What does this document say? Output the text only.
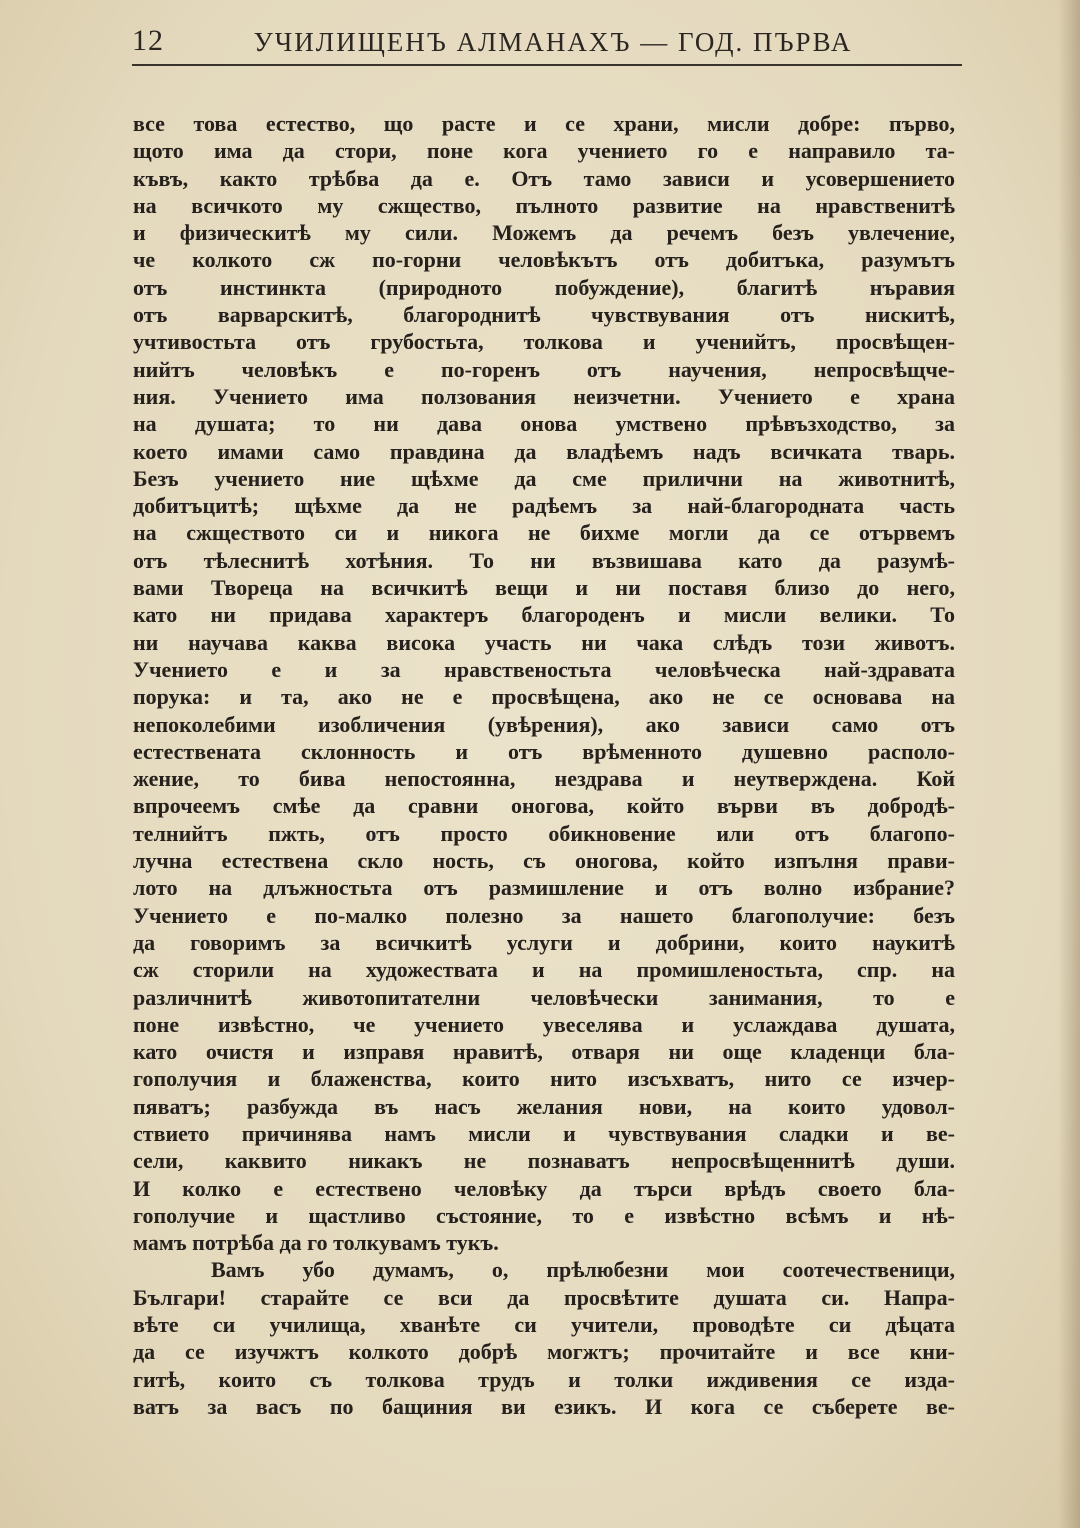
12	УЧИЛИЩЕНЪ АЛМАНАХЪ — ГОД. ПЪРВА
все това естество, що расте и се храни, мисли добре: първо,
щото има да стори, поне кога учението го е направило та-
къвъ, както трѣбва да е. Отъ тамо зависи и усовершението
на всичкото му сжщество, пълното развитие на нравственитѣ
и физическитѣ му сили. Можемъ да речемъ безъ увлечение,
че колкото сж по-горни человѣкътъ отъ добитъка, разумътъ
отъ инстинкта (природното побуждение), благитѣ нъравия
отъ варварскитѣ, благороднитѣ чувствувания отъ нискитѣ,
учтивостьта отъ грубостьта, толкова и ученийтъ, просвѣщен-
нийтъ человѣкъ е по-горенъ отъ научения, непросвѣщче-
ния. Учението има ползования неизчетни. Учението е храна
на душата; то ни дава онова умствено прѣвъзходство, за
което имами само правдина да владѣемъ надъ всичката тварь.
Безъ учението ние щѣхме да сме прилични на животнитѣ,
добитъцитѣ; щѣхме да не радѣемъ за най-благородната часть
на сжществото си и никога не бихме могли да се отървемъ
отъ тѣлеснитѣ хотѣния. То ни възвишава като да разумѣ-
вами Твореца на всичкитѣ вещи и ни поставя близо до него,
като ни придава характеръ благороденъ и мисли велики. То
ни научава каква висока участь ни чака слѣдъ този животъ.
Учението е и за нравственостьта человѣческа най-здравата
порука: и та, ако не е просвѣщена, ако не се основава на
непоколебими изобличения (увѣрения), ако зависи само отъ
естествената склонность и отъ врѣменното душевно располо-
жение, то бива непостоянна, нездрава и неутверждена. Кой
впрочеемъ смѣе да сравни оногова, който върви въ добродѣ-
телнийтъ пжть, отъ просто обикновение или отъ благопо-
лучна естествена скло ность, съ оногова, който изпълня прави-
лото на длъжностьта отъ размишление и отъ волно избрание?
Учението е по-малко полезно за нашето благополучие: безъ
да говоримъ за всичкитѣ услуги и добрини, които наукитѣ
сж сторили на художествата и на промишленостьта, спр. на
различнитѣ животопитателни человѣчески занимания, то е
поне извѣстно, че учението увеселява и услаждава душата,
като очистя и изправя нравитѣ, отваря ни още кладенци бла-
гополучия и блаженства, които нито изсъхватъ, нито се изчер-
пяватъ; разбужда въ насъ желания нови, на които удовол-
ствието причинява намъ мисли и чувствувания сладки и ве-
сели, каквито никакъ не познаватъ непросвѣщеннитѣ души.
И колко е естествено человѣку да търси врѣдъ своето бла-
гополучие и щастливо състояние, то е извѣстно всѣмъ и нѣ-
мамъ потрѣба да го толкувамъ тукъ.
Вамъ убо думамъ, о, прѣлюбезни мои соотечественици,
Българи! старайте се вси да просвѣтите душата си. Напра-
вѣте си училища, хванѣте си учители, проводѣте си дѣцата
да се изучжтъ колкото добрѣ могжтъ; прочитайте и все кни-
гитѣ, които съ толкова трудъ и толки иждивения се изда-
ватъ за васъ по бащиния ви езикъ. И кога се съберете ве-
